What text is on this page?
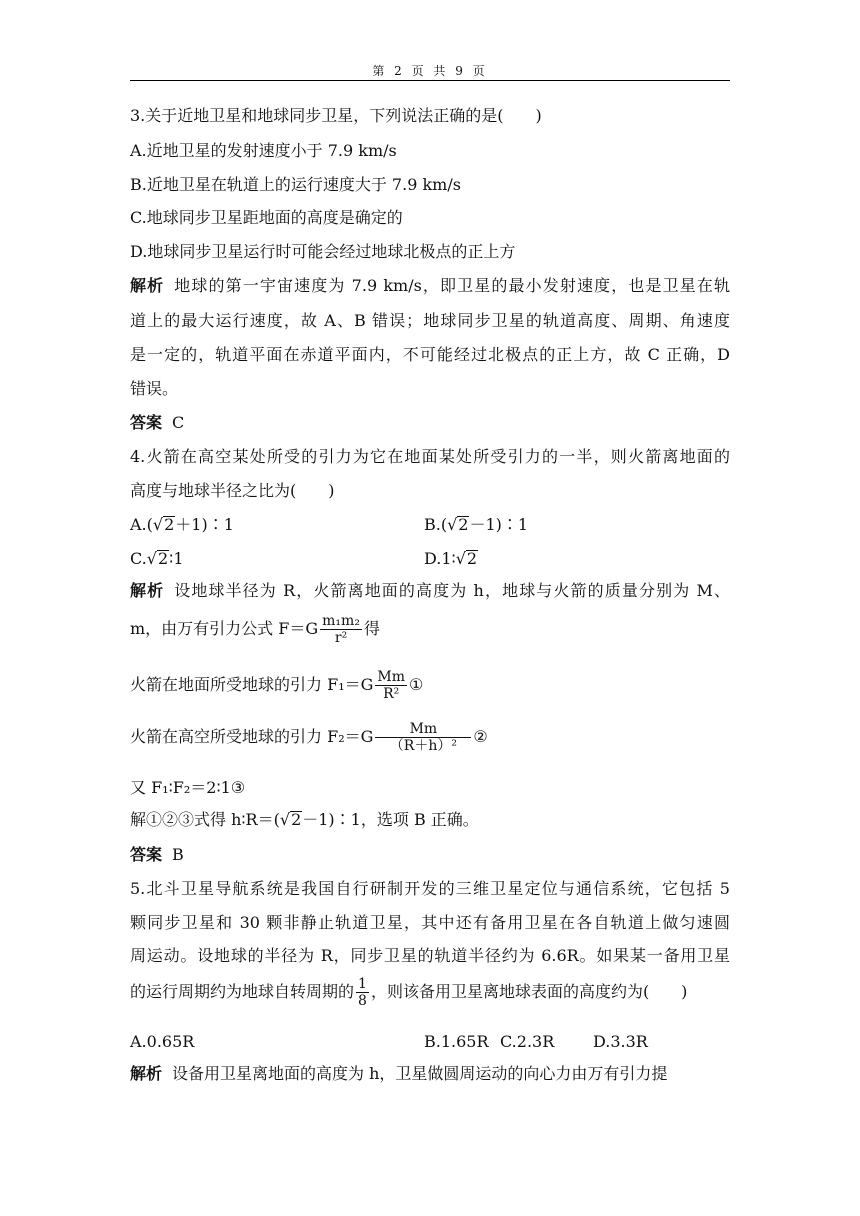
第 2 页 共 9 页
3.关于近地卫星和地球同步卫星，下列说法正确的是(　　)
A.近地卫星的发射速度小于 7.9 km/s
B.近地卫星在轨道上的运行速度大于 7.9 km/s
C.地球同步卫星距地面的高度是确定的
D.地球同步卫星运行时可能会经过地球北极点的正上方
解析 地球的第一宇宙速度为 7.9 km/s，即卫星的最小发射速度，也是卫星在轨
道上的最大运行速度，故 A、B 错误；地球同步卫星的轨道高度、周期、角速度
是一定的，轨道平面在赤道平面内，不可能经过北极点的正上方，故 C 正确，D
错误。
答案 C
4.火箭在高空某处所受的引力为它在地面某处所受引力的一半，则火箭离地面的
高度与地球半径之比为(　　)
A.(√2＋1)∶1	B.(√2－1)∶1
C.√2∶1	D.1∶√2
解析 设地球半径为 R，火箭离地面的高度为 h，地球与火箭的质量分别为 M、
m，由万有引力公式 $F=G \frac{\text{m₁m₂}}{\text{r²}}$ 得
火箭在地面所受地球的引力 $F_1=G \frac{Mm}{\text{R²}}$ ①
火箭在高空所受地球的引力 $F_2=G \frac{Mm}{\text{（R＋h）²}}$ ②
又 F₁∶F₂＝2∶1③
解①②③式得 h∶R＝(√2－1)∶1，选项 B 正确。
答案 B
5.北斗卫星导航系统是我国自行研制开发的三维卫星定位与通信系统，它包括 5
颗同步卫星和 30 颗非静止轨道卫星，其中还有备用卫星在各自轨道上做匀速圆
周运动。设地球的半径为 R，同步卫星的轨道半径约为 6.6R。如果某一备用卫星
的运行周期约为地球自转周期的 $\frac{1}{8}$ ，则该备用卫星离地球表面的高度约为(　　)
A.0.65R	B.1.65R C.2.3R D.3.3R
解析 设备用卫星离地面的高度为 h，卫星做圆周运动的向心力由万有引力提
